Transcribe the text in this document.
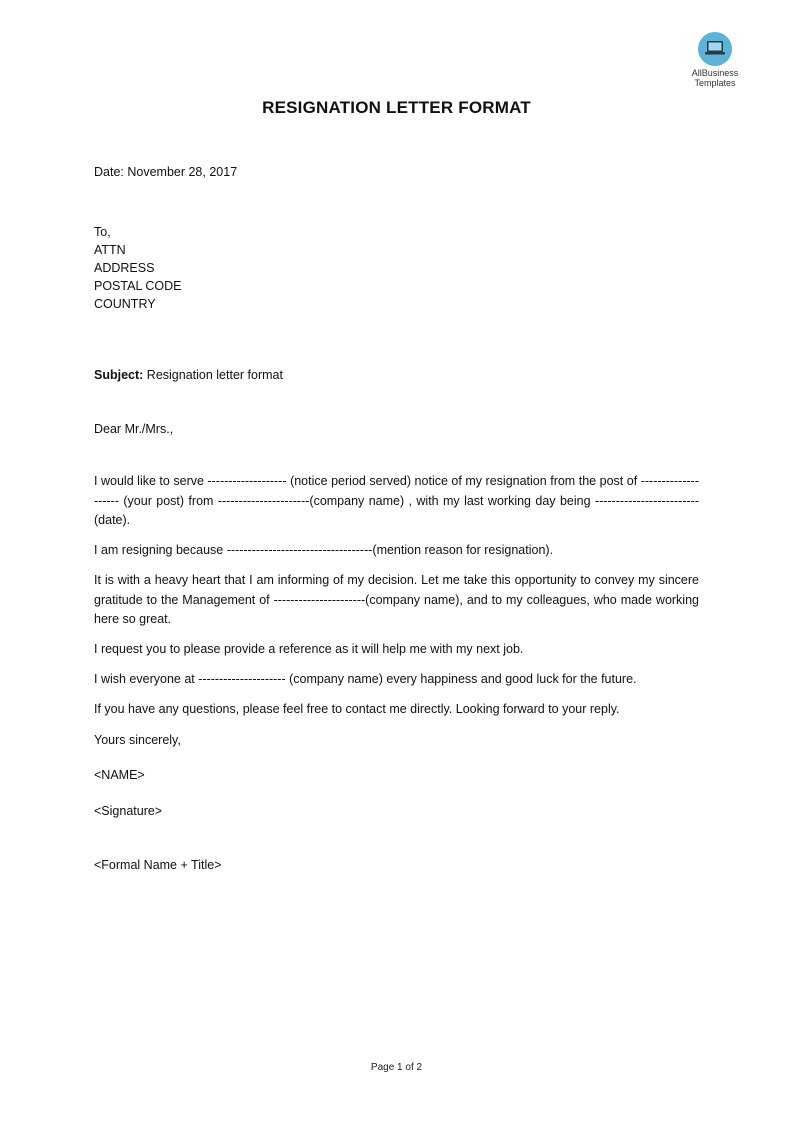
AllBusiness
Templates
RESIGNATION LETTER FORMAT
Date: November 28, 2017
To,
ATTN
ADDRESS
POSTAL CODE
COUNTRY
Subject: Resignation letter format
Dear Mr./Mrs.,
I would like to serve ------------------- (notice period served) notice of my resignation from the post of -------------------- (your post) from ----------------------(company name) , with my last working day being -------------------------(date).
I am resigning because -----------------------------------(mention reason for resignation).
It is with a heavy heart that I am informing of my decision. Let me take this opportunity to convey my sincere gratitude to the Management of ----------------------(company name), and to my colleagues, who made working here so great.
I request you to please provide a reference as it will help me with my next job.
I wish everyone at --------------------- (company name) every happiness and good luck for the future.
If you have any questions, please feel free to contact me directly. Looking forward to your reply.
Yours sincerely,
<NAME>
<Signature>
<Formal Name + Title>
Page 1 of 2
